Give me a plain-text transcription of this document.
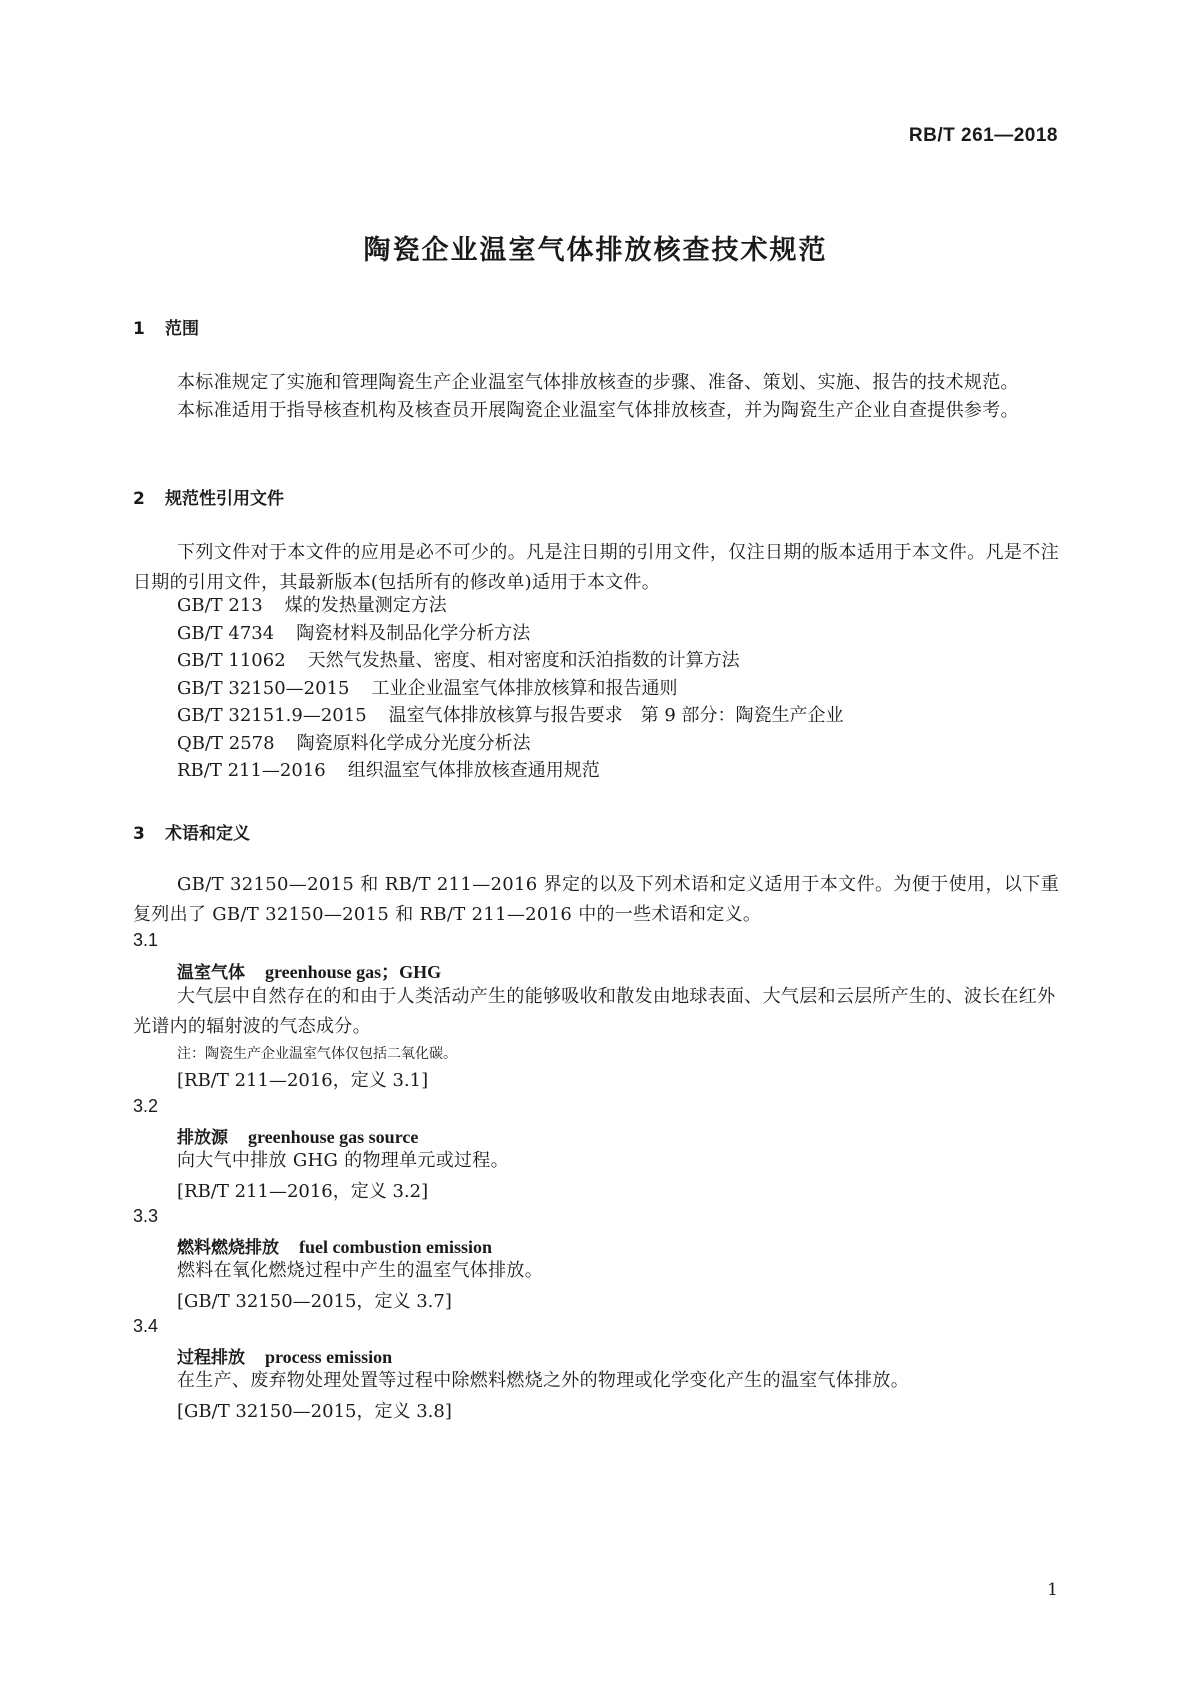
RB/T 261—2018
陶瓷企业温室气体排放核查技术规范
1 范围
本标准规定了实施和管理陶瓷生产企业温室气体排放核查的步骤、准备、策划、实施、报告的技术规范。
本标准适用于指导核查机构及核查员开展陶瓷企业温室气体排放核查，并为陶瓷生产企业自查提供参考。
2 规范性引用文件
下列文件对于本文件的应用是必不可少的。凡是注日期的引用文件，仅注日期的版本适用于本文件。凡是不注日期的引用文件，其最新版本(包括所有的修改单)适用于本文件。
GB/T 213 煤的发热量测定方法
GB/T 4734 陶瓷材料及制品化学分析方法
GB/T 11062 天然气发热量、密度、相对密度和沃泊指数的计算方法
GB/T 32150—2015 工业企业温室气体排放核算和报告通则
GB/T 32151.9—2015 温室气体排放核算与报告要求　第 9 部分：陶瓷生产企业
QB/T 2578 陶瓷原料化学成分光度分析法
RB/T 211—2016 组织温室气体排放核查通用规范
3 术语和定义
GB/T 32150—2015 和 RB/T 211—2016 界定的以及下列术语和定义适用于本文件。为便于使用，以下重复列出了 GB/T 32150—2015 和 RB/T 211—2016 中的一些术语和定义。
3.1
温室气体 greenhouse gas；GHG
大气层中自然存在的和由于人类活动产生的能够吸收和散发由地球表面、大气层和云层所产生的、波长在红外光谱内的辐射波的气态成分。
注：陶瓷生产企业温室气体仅包括二氧化碳。
[RB/T 211—2016，定义 3.1]
3.2
排放源 greenhouse gas source
向大气中排放 GHG 的物理单元或过程。
[RB/T 211—2016，定义 3.2]
3.3
燃料燃烧排放 fuel combustion emission
燃料在氧化燃烧过程中产生的温室气体排放。
[GB/T 32150—2015，定义 3.7]
3.4
过程排放 process emission
在生产、废弃物处理处置等过程中除燃料燃烧之外的物理或化学变化产生的温室气体排放。
[GB/T 32150—2015，定义 3.8]
1
